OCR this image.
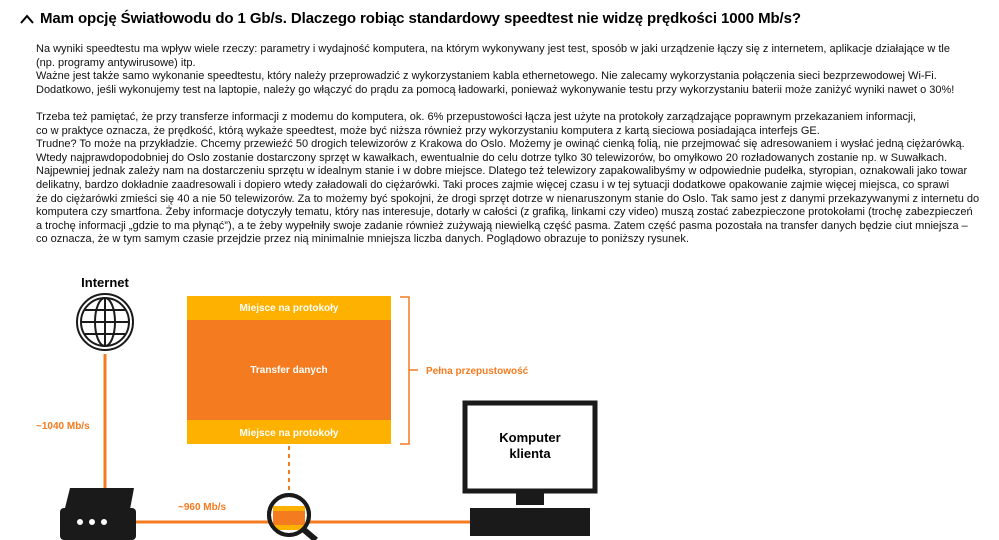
Mam opcję Światłowodu do 1 Gb/s. Dlaczego robiąc standardowy speedtest nie widzę prędkości 1000 Mb/s?

Na wyniki speedtestu ma wpływ wiele rzeczy: parametry i wydajność komputera, na którym wykonywany jest test, sposób w jaki urządzenie łączy się z internetem, aplikacje działające w tle

(np. programy antywirusowe) itp.

Ważne jest także samo wykonanie speedtestu, który należy przeprowadzić z wykorzystaniem kabla ethernetowego. Nie zalecamy wykorzystania połączenia sieci bezprzewodowej Wi-Fi.

Dodatkowo, jeśli wykonujemy test na laptopie, należy go włączyć do prądu za pomocą ładowarki, ponieważ wykonywanie testu przy wykorzystaniu baterii może zaniżyć wyniki nawet o 30%!

Trzeba też pamiętać, że przy transferze informacji z modemu do komputera, ok. 6% przepustowości łącza jest użyte na protokoły zarządzające poprawnym przekazaniem informacji,

co w praktyce oznacza, że prędkość, którą wykaże speedtest, może być niższa również przy wykorzystaniu komputera z kartą sieciowa posiadająca interfejs GE.

Trudne? To może na przykładzie. Chcemy przewieźć 50 drogich telewizorów z Krakowa do Oslo. Możemy je owinąć cienką folią, nie przejmować się adresowaniem i wysłać jedną ciężarówką.

Wtedy najprawdopodobniej do Oslo zostanie dostarczony sprzęt w kawałkach, ewentualnie do celu dotrze tylko 30 telewizorów, bo omyłkowo 20 rozładowanych zostanie np. w Suwałkach.

Najpewniej jednak zależy nam na dostarczeniu sprzętu w idealnym stanie i w dobre miejsce. Dlatego też telewizory zapakowalibyśmy w odpowiednie pudełka, styropian, oznakowali jako towar

delikatny, bardzo dokładnie zaadresowali i dopiero wtedy załadowali do ciężarówki. Taki proces zajmie więcej czasu i w tej sytuacji dodatkowe opakowanie zajmie więcej miejsca, co sprawi

że do ciężarówki zmieści się 40 a nie 50 telewizorów. Za to możemy być spokojni, że drogi sprzęt dotrze w nienaruszonym stanie do Oslo. Tak samo jest z danymi przekazywanymi z internetu do

komputera czy smartfona. Żeby informacje dotyczyły tematu, który nas interesuje, dotarły w całości (z grafiką, linkami czy video) muszą zostać zabezpieczone protokołami (trochę zabezpieczeń

a trochę informacji „gdzie to ma płynąć”), a te żeby wypełniły swoje zadanie również zużywają niewielką część pasma. Zatem część pasma pozostała na transfer danych będzie ciut mniejsza –

co oznacza, że w tym samym czasie przejdzie przez nią minimalnie mniejsza liczba danych. Poglądowo obrazuje to poniższy rysunek.

Internet
~1040 Mb/s
~960 Mb/s
Miejsce na protokoły
Transfer danych
Miejsce na protokoły
Pełna przepustowość
Komputer
klienta
